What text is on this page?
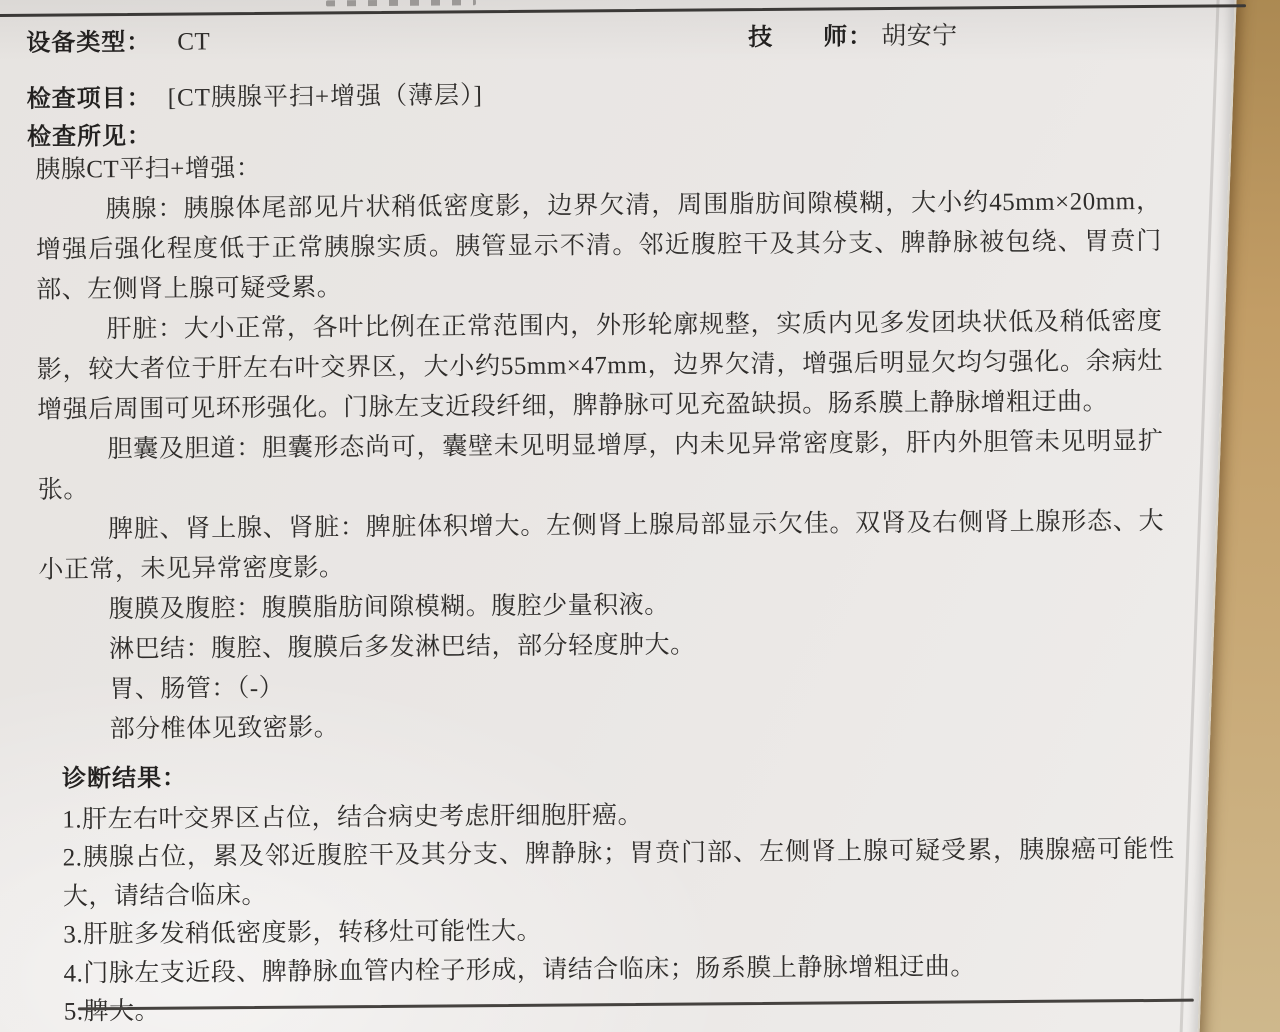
设备类型： CT	技　　师： 胡安宁
检查项目： [CT胰腺平扫+增强（薄层）]
检查所见：

胰腺CT平扫+增强：

胰腺：胰腺体尾部见片状稍低密度影，边界欠清，周围脂肪间隙模糊，大小约45mm×20mm，增强后强化程度低于正常胰腺实质。胰管显示不清。邻近腹腔干及其分支、脾静脉被包绕、胃贲门部、左侧肾上腺可疑受累。

肝脏：大小正常，各叶比例在正常范围内，外形轮廓规整，实质内见多发团块状低及稍低密度影，较大者位于肝左右叶交界区，大小约55mm×47mm，边界欠清，增强后明显欠均匀强化。余病灶增强后周围可见环形强化。门脉左支近段纤细，脾静脉可见充盈缺损。肠系膜上静脉增粗迂曲。

胆囊及胆道：胆囊形态尚可，囊壁未见明显增厚，内未见异常密度影，肝内外胆管未见明显扩张。

脾脏、肾上腺、肾脏：脾脏体积增大。左侧肾上腺局部显示欠佳。双肾及右侧肾上腺形态、大小正常，未见异常密度影。

腹膜及腹腔：腹膜脂肪间隙模糊。腹腔少量积液。

淋巴结：腹腔、腹膜后多发淋巴结，部分轻度肿大。

胃、肠管：（-）

部分椎体见致密影。

诊断结果：

1.肝左右叶交界区占位，结合病史考虑肝细胞肝癌。

2.胰腺占位，累及邻近腹腔干及其分支、脾静脉；胃贲门部、左侧肾上腺可疑受累，胰腺癌可能性大，请结合临床。

3.肝脏多发稍低密度影，转移灶可能性大。

4.门脉左支近段、脾静脉血管内栓子形成，请结合临床；肠系膜上静脉增粗迂曲。

5.脾大。
